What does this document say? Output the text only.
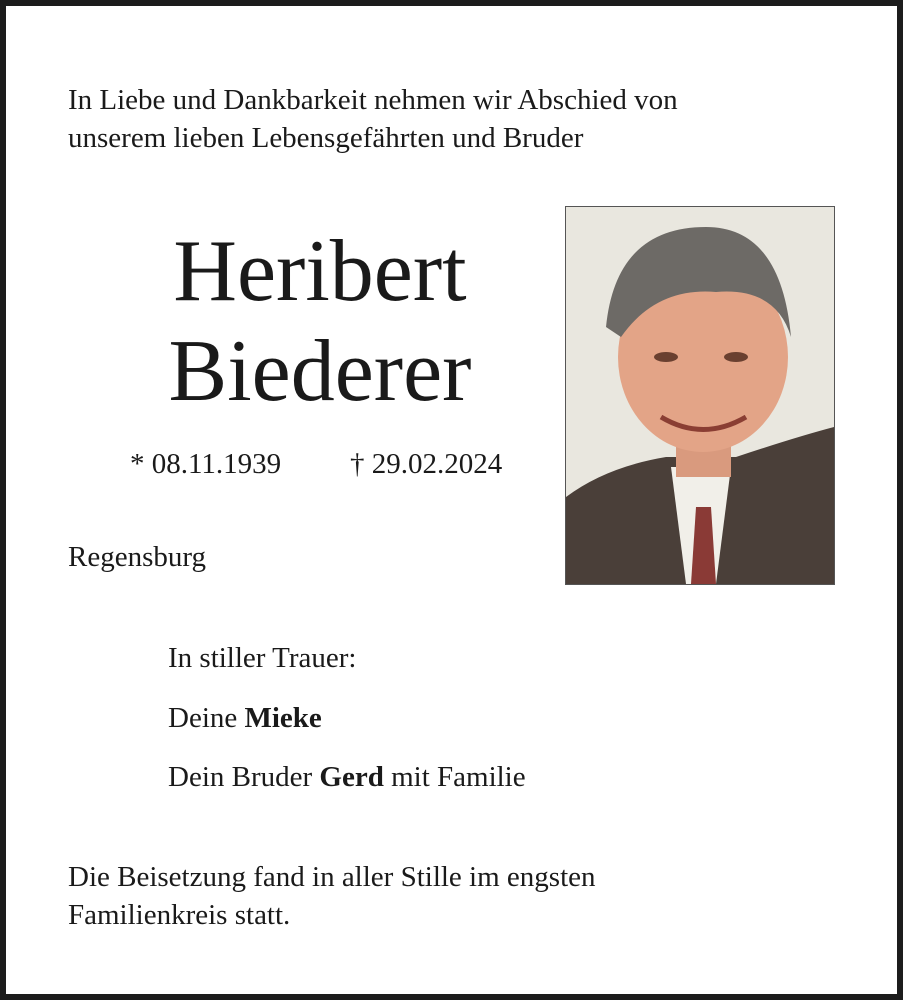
In Liebe und Dankbarkeit nehmen wir Abschied von
unserem lieben Lebensgefährten und Bruder
Heribert
Biederer
* 08.11.1939 † 29.02.2024
Regensburg
In stiller Trauer:
Deine Mieke
Dein Bruder Gerd mit Familie
Die Beisetzung fand in aller Stille im engsten
Familienkreis statt.
